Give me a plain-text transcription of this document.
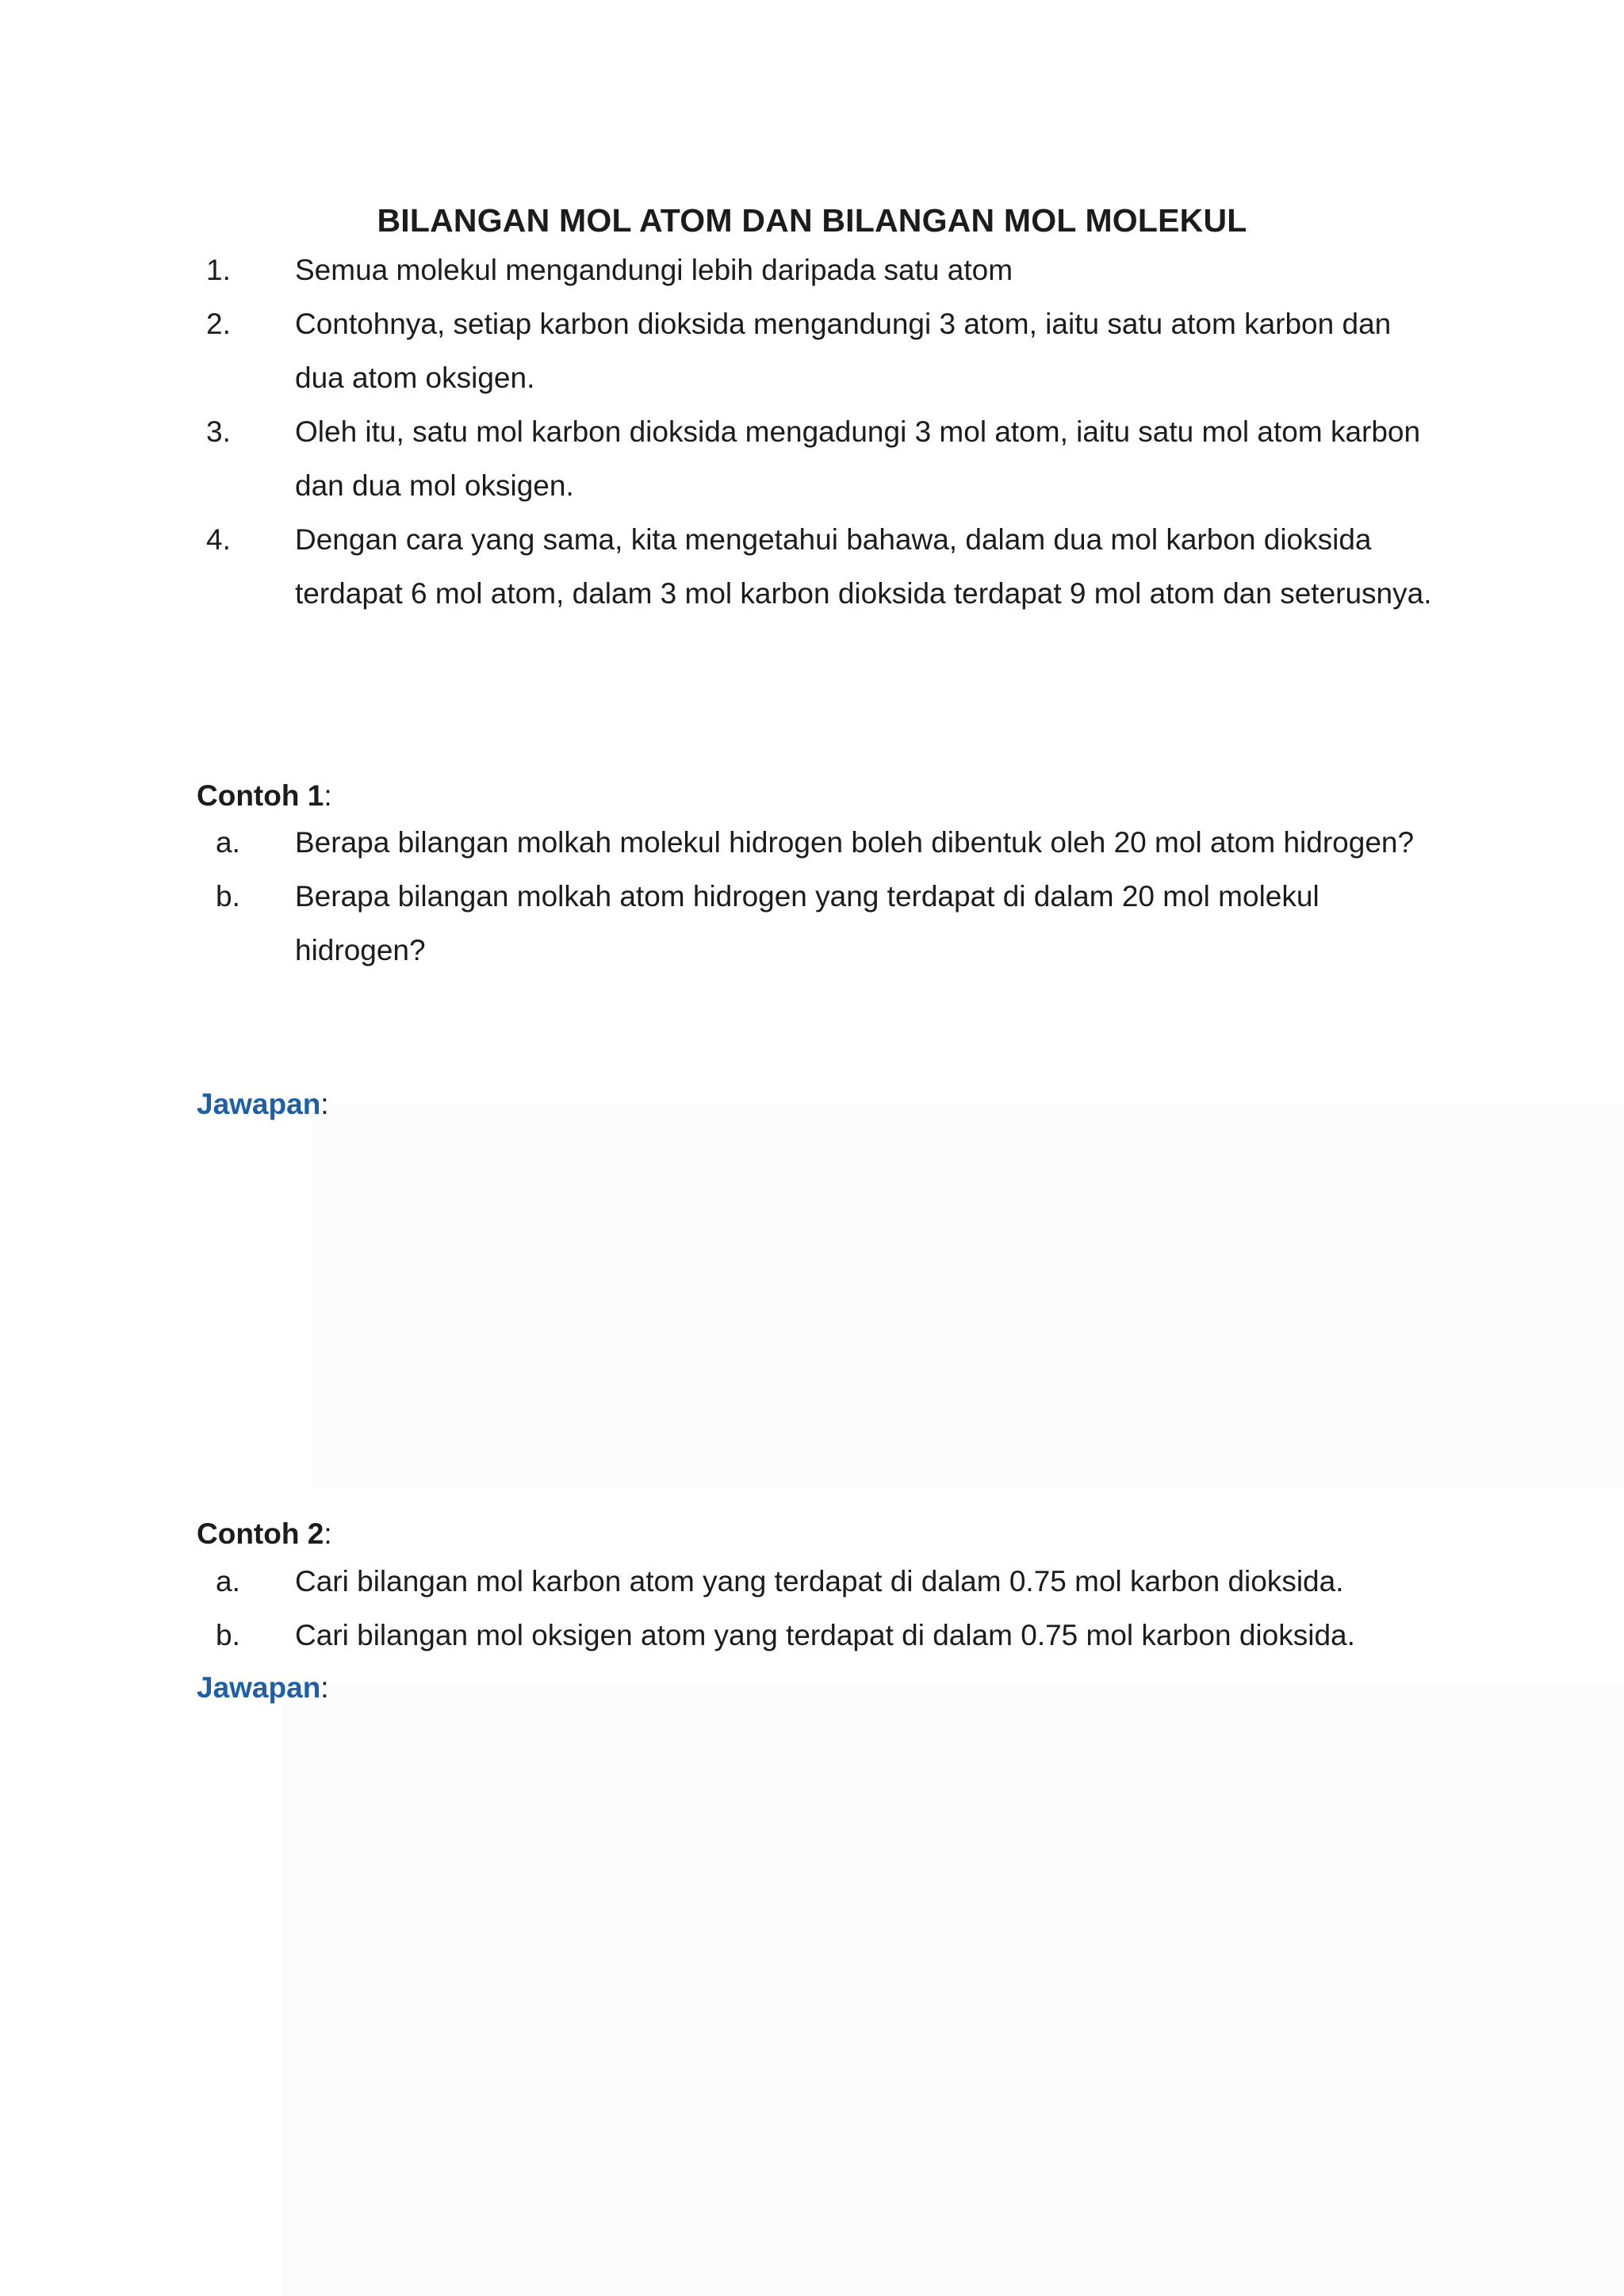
BILANGAN MOL ATOM DAN BILANGAN MOL MOLEKUL
1.	Semua molekul mengandungi lebih daripada satu atom
2.	Contohnya, setiap karbon dioksida mengandungi 3 atom, iaitu satu atom karbon dan dua atom oksigen.
3.	Oleh itu, satu mol karbon dioksida mengadungi 3 mol atom, iaitu satu mol atom karbon dan dua mol oksigen.
4.	Dengan cara yang sama, kita mengetahui bahawa, dalam dua mol karbon dioksida terdapat 6 mol atom, dalam 3 mol karbon dioksida terdapat 9 mol atom dan seterusnya.
Contoh 1:
a.	Berapa bilangan molkah molekul hidrogen boleh dibentuk oleh 20 mol atom hidrogen?
b.	Berapa bilangan molkah atom hidrogen yang terdapat di dalam 20 mol molekul hidrogen?
Jawapan:
Contoh 2:
a.	Cari bilangan mol karbon atom yang terdapat di dalam 0.75 mol karbon dioksida.
b.	Cari bilangan mol oksigen atom yang terdapat di dalam 0.75 mol karbon dioksida.
Jawapan:
